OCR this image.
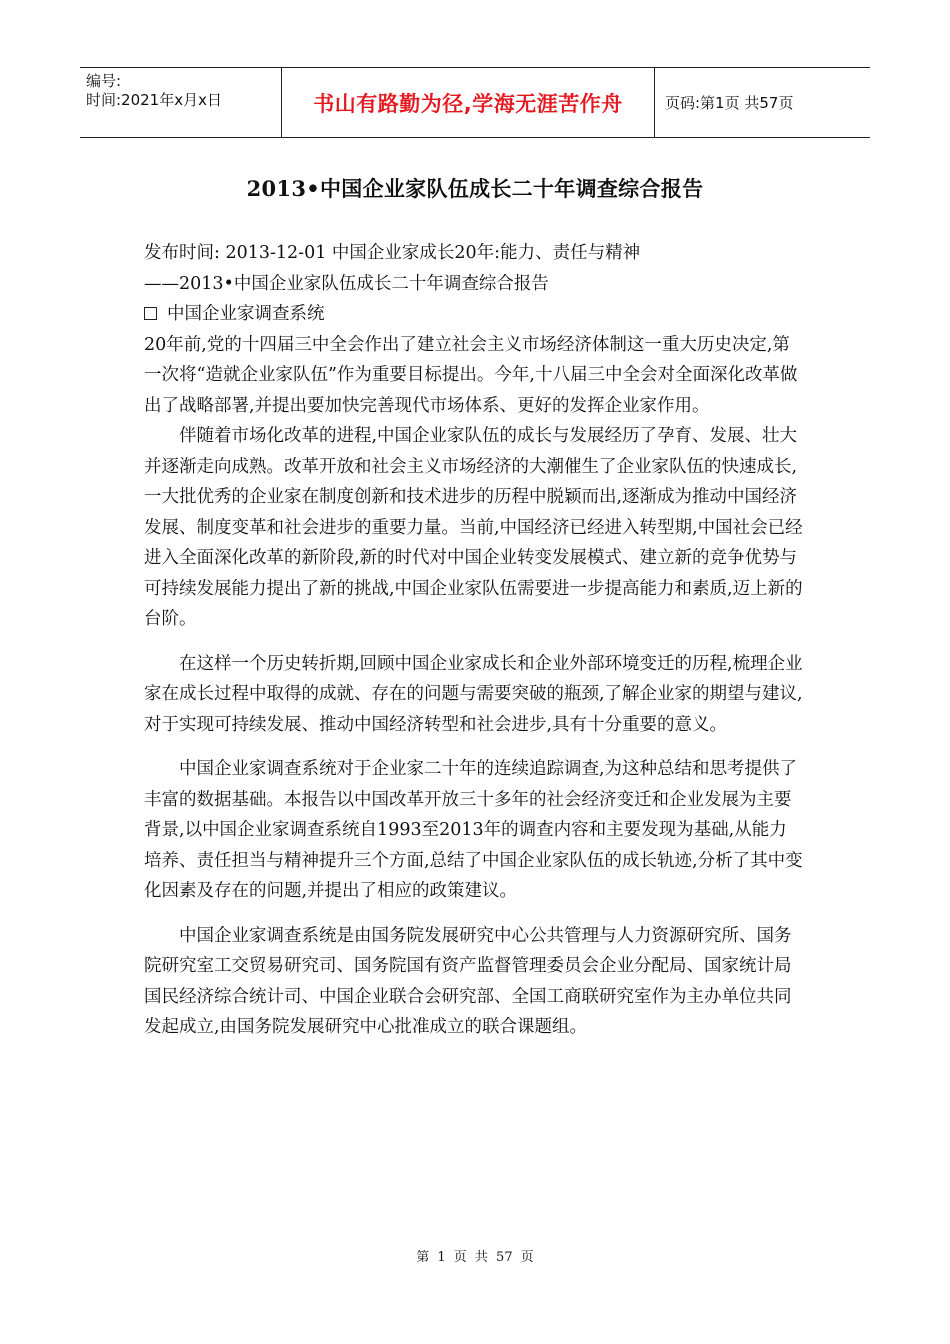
编号:
时间:2021年x月x日	书山有路勤为径,学海无涯苦作舟	页码:第1页 共57页
2013•中国企业家队伍成长二十年调查综合报告

发布时间: 2013-12-01 中国企业家成长20年:能力、责任与精神

——2013•中国企业家队伍成长二十年调查综合报告

中国企业家调查系统

20年前,党的十四届三中全会作出了建立社会主义市场经济体制这一重大历史决定,第一次将“造就企业家队伍”作为重要目标提出。今年,十八届三中全会对全面深化改革做出了战略部署,并提出要加快完善现代市场体系、更好的发挥企业家作用。

伴随着市场化改革的进程,中国企业家队伍的成长与发展经历了孕育、发展、壮大并逐渐走向成熟。改革开放和社会主义市场经济的大潮催生了企业家队伍的快速成长,一大批优秀的企业家在制度创新和技术进步的历程中脱颖而出,逐渐成为推动中国经济发展、制度变革和社会进步的重要力量。当前,中国经济已经进入转型期,中国社会已经进入全面深化改革的新阶段,新的时代对中国企业转变发展模式、建立新的竞争优势与可持续发展能力提出了新的挑战,中国企业家队伍需要进一步提高能力和素质,迈上新的台阶。

在这样一个历史转折期,回顾中国企业家成长和企业外部环境变迁的历程,梳理企业家在成长过程中取得的成就、存在的问题与需要突破的瓶颈,了解企业家的期望与建议,对于实现可持续发展、推动中国经济转型和社会进步,具有十分重要的意义。

中国企业家调查系统对于企业家二十年的连续追踪调查,为这种总结和思考提供了丰富的数据基础。本报告以中国改革开放三十多年的社会经济变迁和企业发展为主要背景,以中国企业家调查系统自1993至2013年的调查内容和主要发现为基础,从能力培养、责任担当与精神提升三个方面,总结了中国企业家队伍的成长轨迹,分析了其中变化因素及存在的问题,并提出了相应的政策建议。

中国企业家调查系统是由国务院发展研究中心公共管理与人力资源研究所、国务院研究室工交贸易研究司、国务院国有资产监督管理委员会企业分配局、国家统计局国民经济综合统计司、中国企业联合会研究部、全国工商联研究室作为主办单位共同发起成立,由国务院发展研究中心批准成立的联合课题组。

第 1 页 共 57 页
